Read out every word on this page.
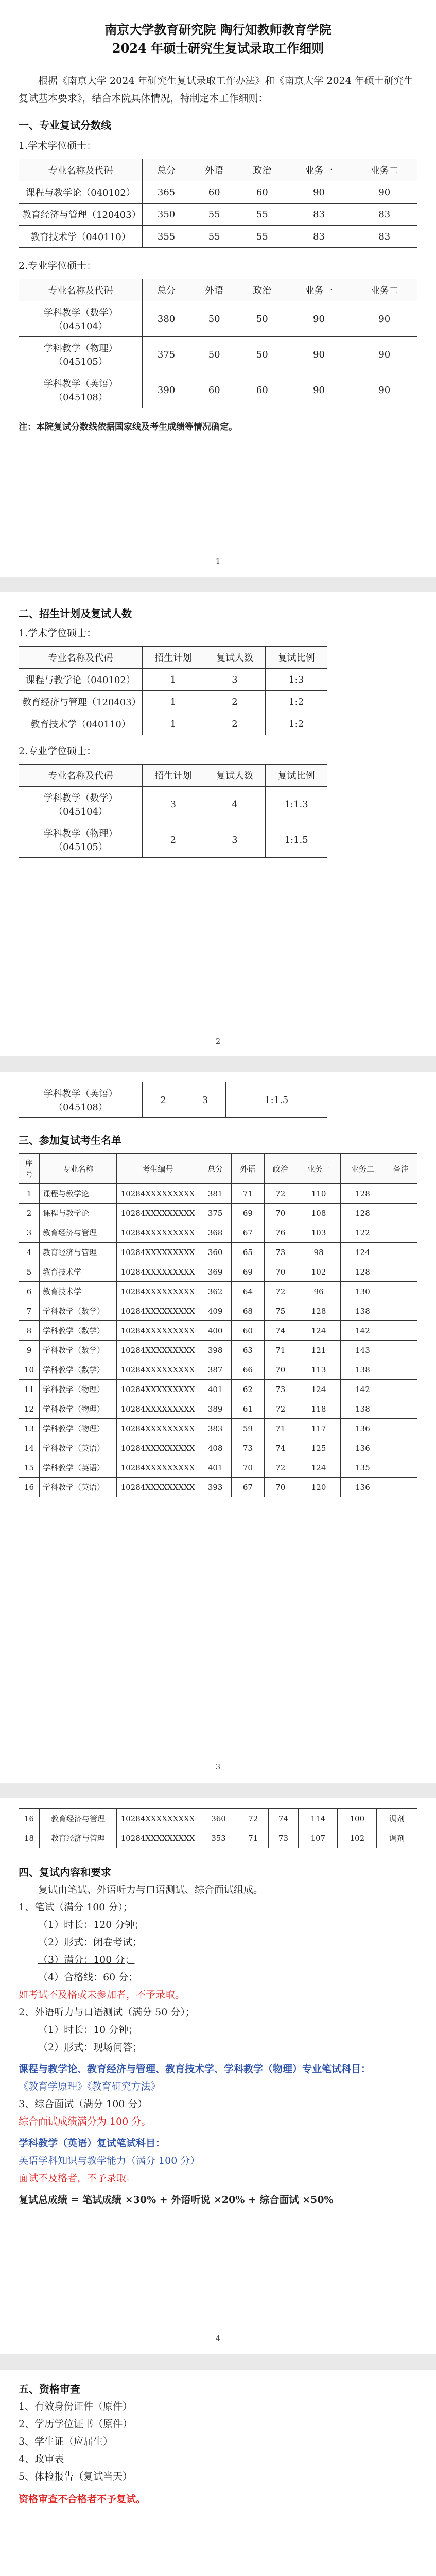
南京大学教育研究院 陶行知教师教育学院
2024 年硕士研究生复试录取工作细则

根据《南京大学 2024 年研究生复试录取工作办法》和《南京大学 2024 年硕士研究生复试基本要求》，结合本院具体情况，特制定本工作细则：

一、专业复试分数线

1.学术学位硕士：

专业名称及代码	总分	外语	政治	业务一	业务二
课程与教学论（040102）	365	60	60	90	90
教育经济与管理（120403）	350	55	55	83	83
教育技术学（040110）	355	55	55	83	83

2.专业学位硕士：

专业名称及代码	总分	外语	政治	业务一	业务二
学科教学（数学）（045104）	380	50	50	90	90
学科教学（物理）（045105）	375	50	50	90	90
学科教学（英语）（045108）	390	60	60	90	90

注：本院复试分数线依据国家线及考生成绩等情况确定。

1

二、招生计划及复试人数

1.学术学位硕士：

专业名称及代码	招生计划	复试人数	复试比例
课程与教学论（040102）	1	3	1:3
教育经济与管理（120403）	1	2	1:2
教育技术学（040110）	1	2	1:2

2.专业学位硕士：

专业名称及代码	招生计划	复试人数	复试比例
学科教学（数学）（045104）	3	4	1:1.3
学科教学（物理）（045105）	2	3	1:1.5
2
学科教学（英语）（045108）	2	3	1:1.5

三、参加复试考生名单

序号	专业名称	考生编号	总分	外语	政治	业务一	业务二	备注
1	课程与教学论	10284XXXXXXXXX	381	71	72	110	128	
2	课程与教学论	10284XXXXXXXXX	375	69	70	108	128	
3	教育经济与管理	10284XXXXXXXXX	368	67	76	103	122	
4	教育经济与管理	10284XXXXXXXXX	360	65	73	98	124	
5	教育技术学	10284XXXXXXXXX	369	69	70	102	128	
6	教育技术学	10284XXXXXXXXX	362	64	72	96	130	
7	学科教学（数学）	10284XXXXXXXXX	409	68	75	128	138	
8	学科教学（数学）	10284XXXXXXXXX	400	60	74	124	142	
9	学科教学（数学）	10284XXXXXXXXX	398	63	71	121	143	
10	学科教学（数学）	10284XXXXXXXXX	387	66	70	113	138	
11	学科教学（物理）	10284XXXXXXXXX	401	62	73	124	142	
12	学科教学（物理）	10284XXXXXXXXX	389	61	72	118	138	
13	学科教学（物理）	10284XXXXXXXXX	383	59	71	117	136	
14	学科教学（英语）	10284XXXXXXXXX	408	73	74	125	136	
15	学科教学（英语）	10284XXXXXXXXX	401	70	72	124	135	
16	学科教学（英语）	10284XXXXXXXXX	393	67	70	120	136	
3
16	教育经济与管理	10284XXXXXXXXX	360	72	74	114	100	调剂
18	教育经济与管理	10284XXXXXXXXX	353	71	73	107	102	调剂

四、复试内容和要求

复试由笔试、外语听力与口语测试、综合面试组成。

1、笔试（满分 100 分）；

（1）时长：120 分钟；

（2）形式：闭卷考试；

（3）满分：100 分；

（4）合格线：60 分；

如考试不及格或未参加者，不予录取。

2、外语听力与口语测试（满分 50 分）；

（1）时长：10 分钟；

（2）形式：现场问答；

课程与教学论、教育经济与管理、教育技术学、学科教学（物理）专业笔试科目：

《教育学原理》《教育研究方法》

3、综合面试（满分 100 分）

综合面试成绩满分为 100 分。

学科教学（英语）复试笔试科目：

英语学科知识与教学能力（满分 100 分）

面试不及格者，不予录取。

复试总成绩 = 笔试成绩 ×30% + 外语听说 ×20% + 综合面试 ×50%

4

五、资格审查

1、有效身份证件（原件）

2、学历学位证书（原件）

3、学生证（应届生）

4、政审表

5、体检报告（复试当天）

资格审查不合格者不予复试。
